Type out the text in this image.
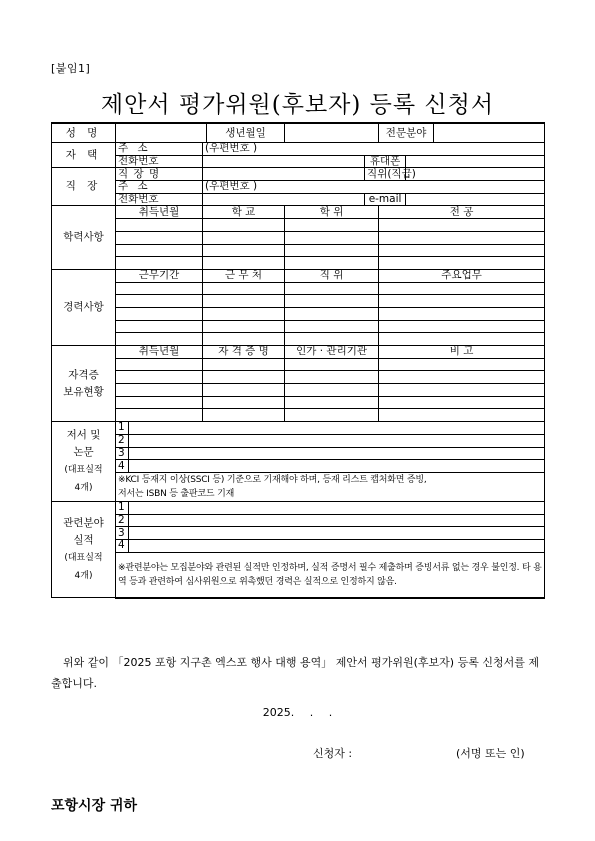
[붙임1]
제안서 평가위원(후보자) 등록 신청서
성 명				생년월일			전문분야		
자 택	주 소		(우편번호 )						
	전화번호					휴대폰			
직 장	직 장 명					직위(직급)			
	주 소		(우편번호 )						
	전화번호					e-mail			
학력사항	취득년월		학 교		학 위		전 공		

경력사항	근무기간		근 무 처		직 위		주요업무		

자격증
보유현황	취득년월		자 격 증 명		인가 · 관리기관		비 고		

저서 및
논문
(대표실적
4개)	1								
	2								
	3								
	4								
	※KCI 등재지 이상(SSCI 등) 기준으로 기재해야 하며, 등재 리스트 캡처화면 증빙,
저서는 ISBN 등 출판코드 기재								
관련분야
실적
(대표실적
4개)	1								
	2								
	3								
	4								
	※관련분야는 모집분야와 관련된 실적만 인정하며, 실적 증명서 필수 제출하며 증빙서류 없는 경우 불인정. 타 용역 등과 관련하여 심사위원으로 위촉했던 경력은 실적으로 인정하지 않음.								
위와 같이 「2025 포항 지구촌 엑스포 행사 대행 용역」 제안서 평가위원(후보자) 등록 신청서를 제출합니다.
2025. . .
신청자 :	(서명 또는 인)
포항시장 귀하
